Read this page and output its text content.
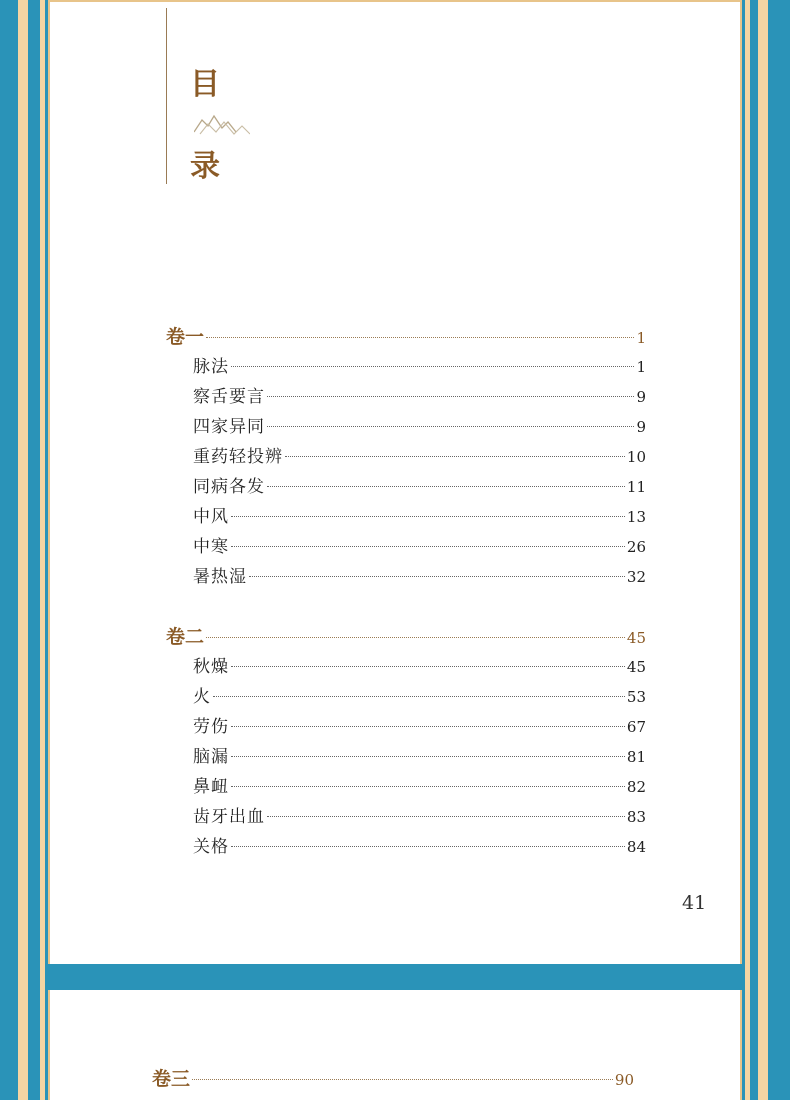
目
录
卷一	1
脉法	1
察舌要言	9
四家异同	9
重药轻投辨	10
同病各发	11
中风	13
中寒	26
暑热湿	32
卷二	45
秋燥	45
火	53
劳伤	67
脑漏	81
鼻衄	82
齿牙出血	83
关格	84
41
卷三	90
